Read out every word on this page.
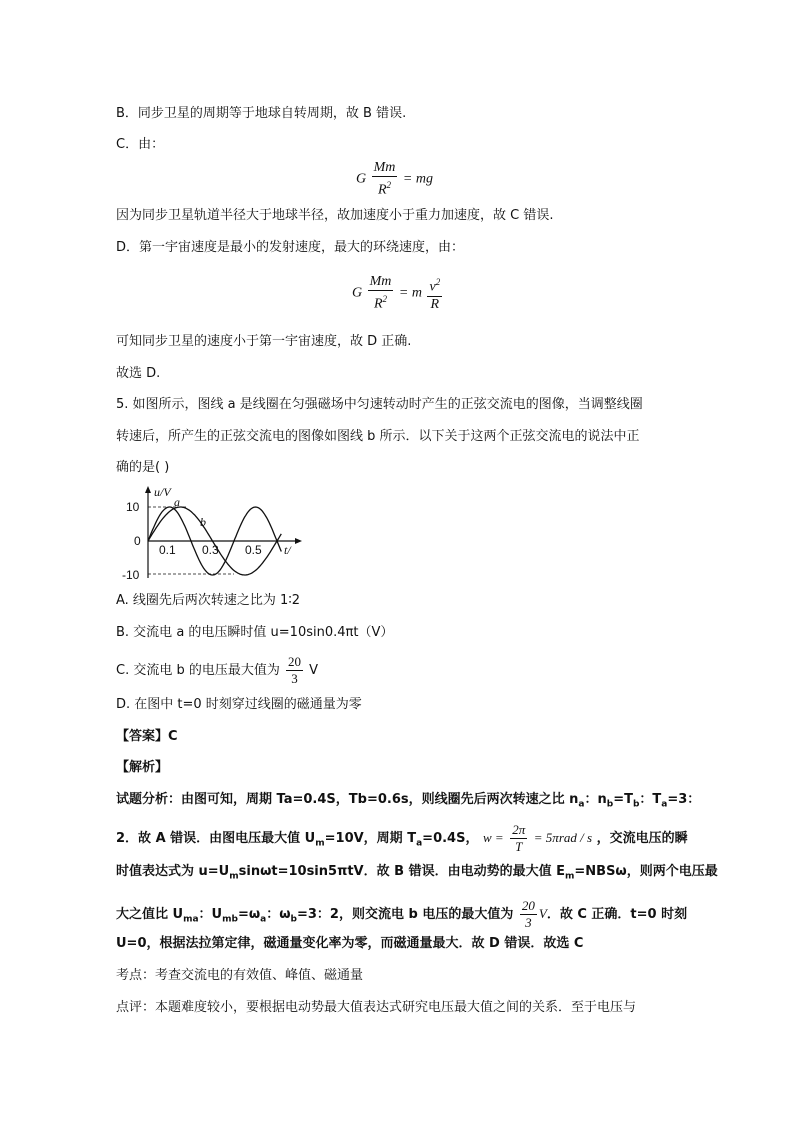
B．同步卫星的周期等于地球自转周期，故 B 错误.
C．由：
G $\frac{Mm}{R^2}$ = mg
因为同步卫星轨道半径大于地球半径，故加速度小于重力加速度，故 C 错误.
D．第一宇宙速度是最小的发射速度，最大的环绕速度，由：
G $\frac{Mm}{R^2} = m \frac{v^2}{R}$
可知同步卫星的速度小于第一宇宙速度，故 D 正确.
故选 D.
5. 如图所示，图线 a 是线圈在匀强磁场中匀速转动时产生的正弦交流电的图像，当调整线圈
转速后，所产生的正弦交流电的图像如图线 b 所示．以下关于这两个正弦交流电的说法中正
确的是( )
u/V
t/
10
0
-10
0.1 0.3 0.5
a
b
A. 线圈先后两次转速之比为 1∶2
B. 交流电 a 的电压瞬时值 u=10sin0.4πt（V）
C. 交流电 b 的电压最大值为 $\frac{20}{3}$ V
D. 在图中 t=0 时刻穿过线圈的磁通量为零
【答案】C
【解析】
试题分析：由图可知，周期 Ta=0.4S，Tb=0.6s，则线圈先后两次转速之比 $n_a$：$n_b=T_b$：$T_a=3$：
2．故 A 错误．由图电压最大值 $U_m=10V$，周期 $T_a=0.4S$， $w = \frac{2\pi}{T} = 5\pi rad / s$ ，交流电压的瞬
时值表达式为 $u=U_m\sin\omega t=10\sin 5\pi tV$．故 B 错误．由电动势的最大值 $E_m=NBS\omega$，则两个电压最
大之值比 $U_{ma}$：$U_{mb}=\omega_a$：$\omega_b=3$：2，则交流电 b 电压的最大值为 $\frac{20}{3}$ V．故 C 正确．t=0 时刻
U=0，根据法拉第定律，磁通量变化率为零，而磁通量最大．故 D 错误．故选 C
考点：考查交流电的有效值、峰值、磁通量
点评：本题难度较小，要根据电动势最大值表达式研究电压最大值之间的关系．至于电压与
